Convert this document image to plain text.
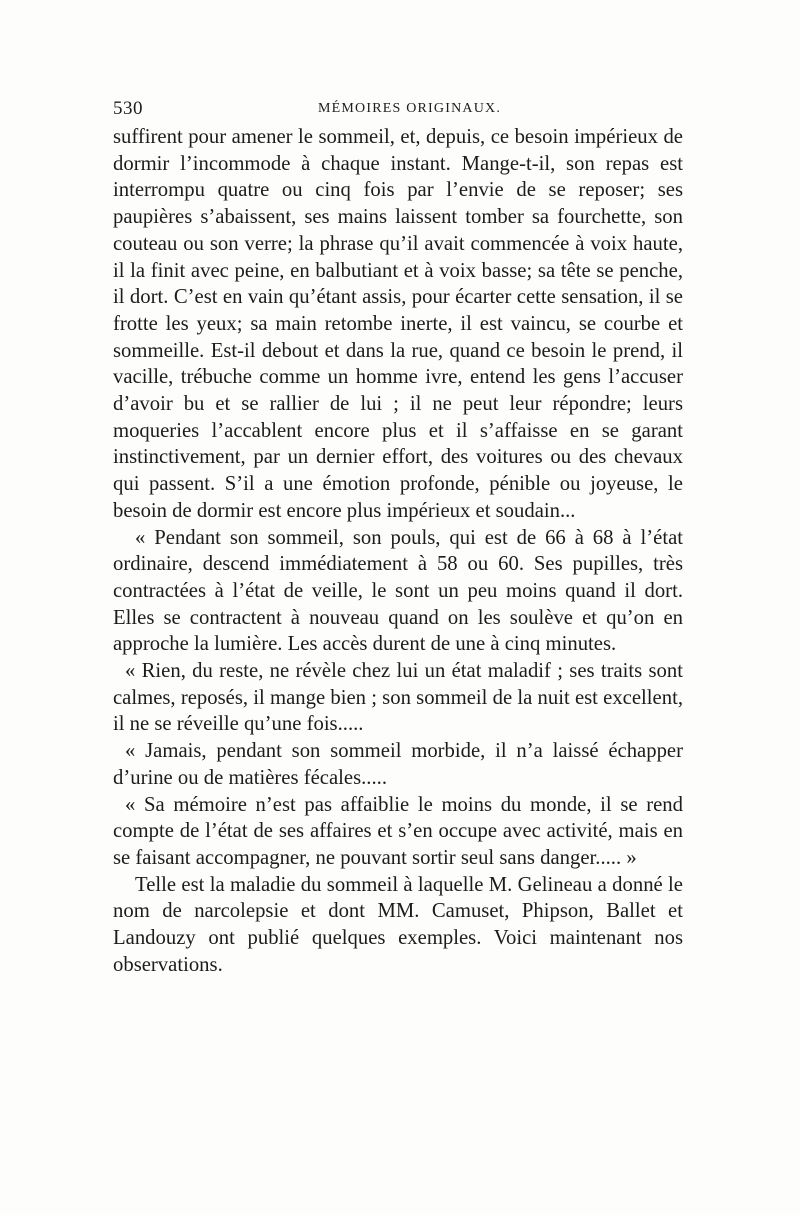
530	MÉMOIRES ORIGINAUX.

suffirent pour amener le sommeil, et, depuis, ce besoin impérieux de dormir l’incommode à chaque instant. Mange-t-il, son repas est interrompu quatre ou cinq fois par l’envie de se reposer; ses paupières s’abaissent, ses mains laissent tomber sa fourchette, son couteau ou son verre; la phrase qu’il avait commencée à voix haute, il la finit avec peine, en balbutiant et à voix basse; sa tête se penche, il dort. C’est en vain qu’étant assis, pour écarter cette sensation, il se frotte les yeux; sa main retombe inerte, il est vaincu, se courbe et sommeille. Est-il debout et dans la rue, quand ce besoin le prend, il vacille, trébuche comme un homme ivre, entend les gens l’accuser d’avoir bu et se rallier de lui ; il ne peut leur répondre; leurs moqueries l’accablent encore plus et il s’affaisse en se garant instinctivement, par un dernier effort, des voitures ou des chevaux qui passent. S’il a une émotion profonde, pénible ou joyeuse, le besoin de dormir est encore plus impérieux et soudain...

« Pendant son sommeil, son pouls, qui est de 66 à 68 à l’état ordinaire, descend immédiatement à 58 ou 60. Ses pupilles, très contractées à l’état de veille, le sont un peu moins quand il dort. Elles se contractent à nouveau quand on les soulève et qu’on en approche la lumière. Les accès durent de une à cinq minutes.

« Rien, du reste, ne révèle chez lui un état maladif ; ses traits sont calmes, reposés, il mange bien ; son sommeil de la nuit est excellent, il ne se réveille qu’une fois.....

« Jamais, pendant son sommeil morbide, il n’a laissé échapper d’urine ou de matières fécales.....

« Sa mémoire n’est pas affaiblie le moins du monde, il se rend compte de l’état de ses affaires et s’en occupe avec activité, mais en se faisant accompagner, ne pouvant sortir seul sans danger..... »

Telle est la maladie du sommeil à laquelle M. Gelineau a donné le nom de narcolepsie et dont MM. Camuset, Phipson, Ballet et Landouzy ont publié quelques exemples. Voici maintenant nos observations.
